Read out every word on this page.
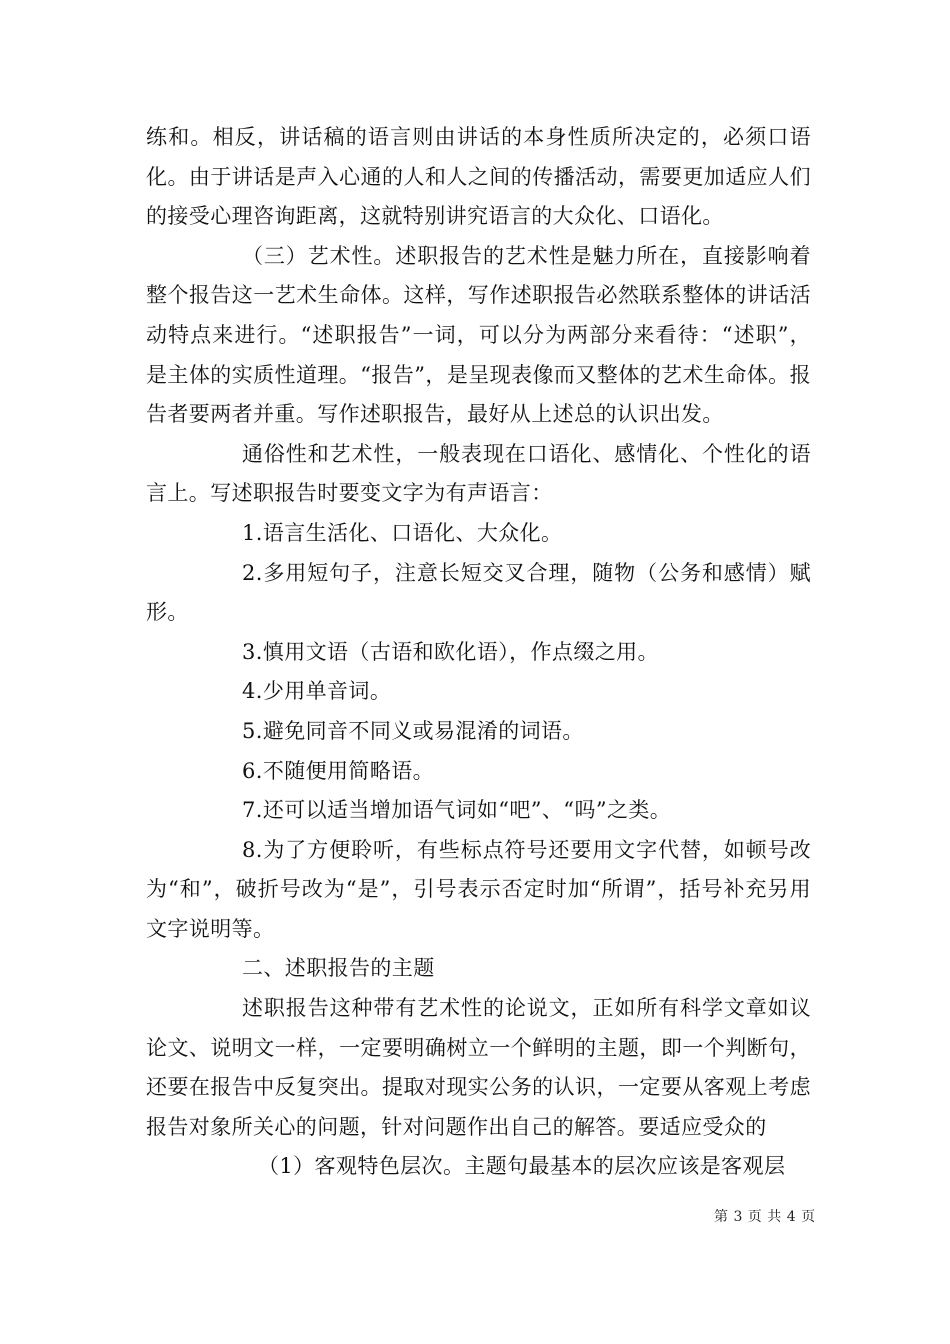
练和。相反，讲话稿的语言则由讲话的本身性质所决定的，必须口语化。由于讲话是声入心通的人和人之间的传播活动，需要更加适应人们的接受心理咨询距离，这就特别讲究语言的大众化、口语化。

（三）艺术性。述职报告的艺术性是魅力所在，直接影响着整个报告这一艺术生命体。这样，写作述职报告必然联系整体的讲话活动特点来进行。“述职报告”一词，可以分为两部分来看待：“述职”，是主体的实质性道理。“报告”，是呈现表像而又整体的艺术生命体。报告者要两者并重。写作述职报告，最好从上述总的认识出发。

通俗性和艺术性，一般表现在口语化、感情化、个性化的语言上。写述职报告时要变文字为有声语言：

1.语言生活化、口语化、大众化。

2.多用短句子，注意长短交叉合理，随物（公务和感情）赋形。

3.慎用文语（古语和欧化语），作点缀之用。

4.少用单音词。

5.避免同音不同义或易混淆的词语。

6.不随便用简略语。

7.还可以适当增加语气词如“吧”、“吗”之类。

8.为了方便聆听，有些标点符号还要用文字代替，如顿号改为“和”，破折号改为“是”，引号表示否定时加“所谓”，括号补充另用文字说明等。

二、述职报告的主题

述职报告这种带有艺术性的论说文，正如所有科学文章如议论文、说明文一样，一定要明确树立一个鲜明的主题，即一个判断句，还要在报告中反复突出。提取对现实公务的认识，一定要从客观上考虑报告对象所关心的问题，针对问题作出自己的解答。要适应受众的

（1）客观特色层次。主题句最基本的层次应该是客观层

第 3 页 共 4 页
